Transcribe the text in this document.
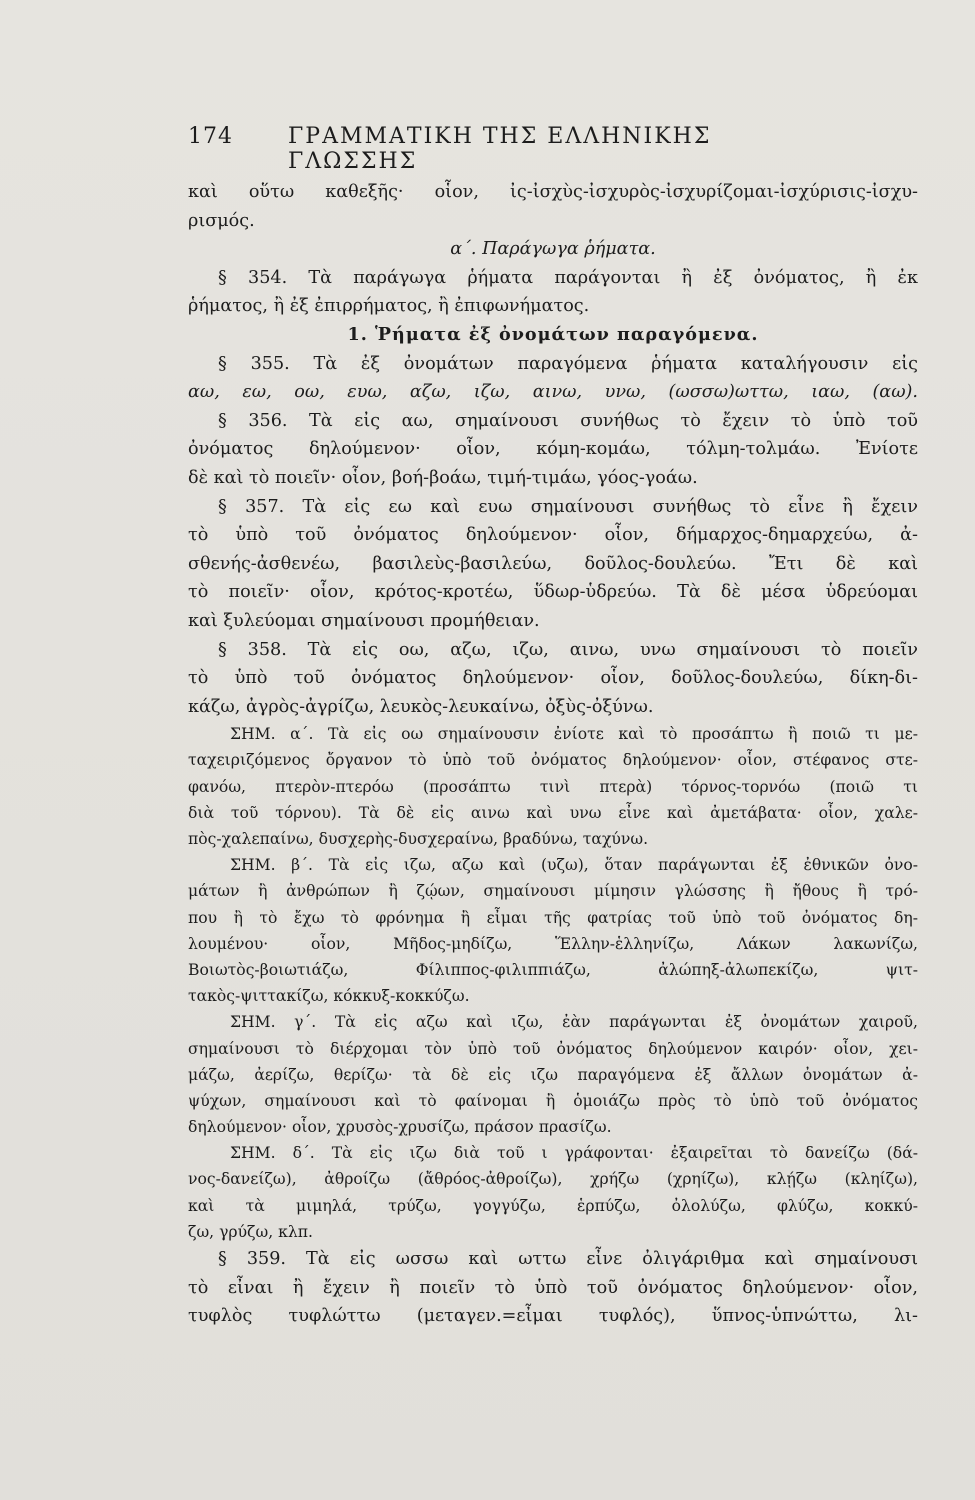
174	ΓΡΑΜΜΑΤΙΚΗ ΤΗΣ ΕΛΛΗΝΙΚΗΣ ΓΛΩΣΣΗΣ
καὶ οὕτω καθεξῆς· οἷον, ἰς-ἰσχὺς-ἰσχυρὸς-ἰσχυρίζομαι-ἰσχύρισις-ἰσχυ-
ρισμός.
α΄. Παράγωγα ῥήματα.
§ 354. Τὰ παράγωγα ῥήματα παράγονται ἢ ἐξ ὀνόματος, ἢ ἐκ
ῥήματος, ἢ ἐξ ἐπιρρήματος, ἢ ἐπιφωνήματος.
1. Ῥήματα ἐξ ὀνομάτων παραγόμενα.
§ 355. Τὰ ἐξ ὀνομάτων παραγόμενα ῥήματα καταλήγουσιν εἰς
αω, εω, οω, ευω, αζω, ιζω, αινω, υνω, (ωσσω)ωττω, ιαω, (αω).
§ 356. Τὰ εἰς αω, σημαίνουσι συνήθως τὸ ἔχειν τὸ ὑπὸ τοῦ
ὀνόματος δηλούμενον· οἷον, κόμη-κομάω, τόλμη-τολμάω. Ἐνίοτε
δὲ καὶ τὸ ποιεῖν· οἷον, βοή-βοάω, τιμή-τιμάω, γόος-γοάω.
§ 357. Τὰ εἰς εω καὶ ευω σημαίνουσι συνήθως τὸ εἶνε ἢ ἔχειν
τὸ ὑπὸ τοῦ ὀνόματος δηλούμενον· οἷον, δήμαρχος-δημαρχεύω, ἀ-
σθενής-ἀσθενέω, βασιλεὺς-βασιλεύω, δοῦλος-δουλεύω. Ἔτι δὲ καὶ
τὸ ποιεῖν· οἷον, κρότος-κροτέω, ὕδωρ-ὑδρεύω. Τὰ δὲ μέσα ὑδρεύομαι
καὶ ξυλεύομαι σημαίνουσι προμήθειαν.
§ 358. Τὰ εἰς οω, αζω, ιζω, αινω, υνω σημαίνουσι τὸ ποιεῖν
τὸ ὑπὸ τοῦ ὀνόματος δηλούμενον· οἷον, δοῦλος-δουλεύω, δίκη-δι-
κάζω, ἀγρὸς-ἀγρίζω, λευκὸς-λευκαίνω, ὀξὺς-ὀξύνω.
ΣΗΜ. α΄. Τὰ εἰς οω σημαίνουσιν ἐνίοτε καὶ τὸ προσάπτω ἢ ποιῶ τι με-
ταχειριζόμενος ὄργανον τὸ ὑπὸ τοῦ ὀνόματος δηλούμενον· οἷον, στέφανος στε-
φανόω, πτερὸν-πτερόω (προσάπτω τινὶ πτερὰ) τόρνος-τορνόω (ποιῶ τι
διὰ τοῦ τόρνου). Τὰ δὲ εἰς αινω καὶ υνω εἶνε καὶ ἀμετάβατα· οἷον, χαλε-
πὸς-χαλεπαίνω, δυσχερὴς-δυσχεραίνω, βραδύνω, ταχύνω.
ΣΗΜ. β΄. Τὰ εἰς ιζω, αζω καὶ (υζω), ὅταν παράγωνται ἐξ ἐθνικῶν ὀνο-
μάτων ἢ ἀνθρώπων ἢ ζῴων, σημαίνουσι μίμησιν γλώσσης ἢ ἤθους ἢ τρό-
που ἢ τὸ ἔχω τὸ φρόνημα ἢ εἶμαι τῆς φατρίας τοῦ ὑπὸ τοῦ ὀνόματος δη-
λουμένου· οἷον, Μῆδος-μηδίζω, Ἕλλην-ἑλληνίζω, Λάκων λακωνίζω,
Βοιωτὸς-βοιωτιάζω, Φίλιππος-φιλιππιάζω, ἀλώπηξ-ἀλωπεκίζω, ψιτ-
τακὸς-ψιττακίζω, κόκκυξ-κοκκύζω.
ΣΗΜ. γ΄. Τὰ εἰς αζω καὶ ιζω, ἐὰν παράγωνται ἐξ ὀνομάτων χαιροῦ,
σημαίνουσι τὸ διέρχομαι τὸν ὑπὸ τοῦ ὀνόματος δηλούμενον καιρόν· οἷον, χει-
μάζω, ἀερίζω, θερίζω· τὰ δὲ εἰς ιζω παραγόμενα ἐξ ἄλλων ὀνομάτων ἀ-
ψύχων, σημαίνουσι καὶ τὸ φαίνομαι ἢ ὁμοιάζω πρὸς τὸ ὑπὸ τοῦ ὀνόματος
δηλούμενον· οἷον, χρυσὸς-χρυσίζω, πράσον πρασίζω.
ΣΗΜ. δ΄. Τὰ εἰς ιζω διὰ τοῦ ι γράφονται· ἐξαιρεῖται τὸ δανείζω (δά-
νος-δανείζω), ἀθροίζω (ἄθρόος-ἀθροίζω), χρήζω (χρηίζω), κλῄζω (κληίζω),
καὶ τὰ μιμηλά, τρύζω, γογγύζω, ἑρπύζω, ὀλολύζω, φλύζω, κοκκύ-
ζω, γρύζω, κλπ.
§ 359. Τὰ εἰς ωσσω καὶ ωττω εἶνε ὀλιγάριθμα καὶ σημαίνουσι
τὸ εἶναι ἢ ἔχειν ἢ ποιεῖν τὸ ὑπὸ τοῦ ὀνόματος δηλούμενον· οἷον,
τυφλὸς τυφλώττω (μεταγεν.=εἶμαι τυφλός), ὕπνος-ὑπνώττω, λι-
